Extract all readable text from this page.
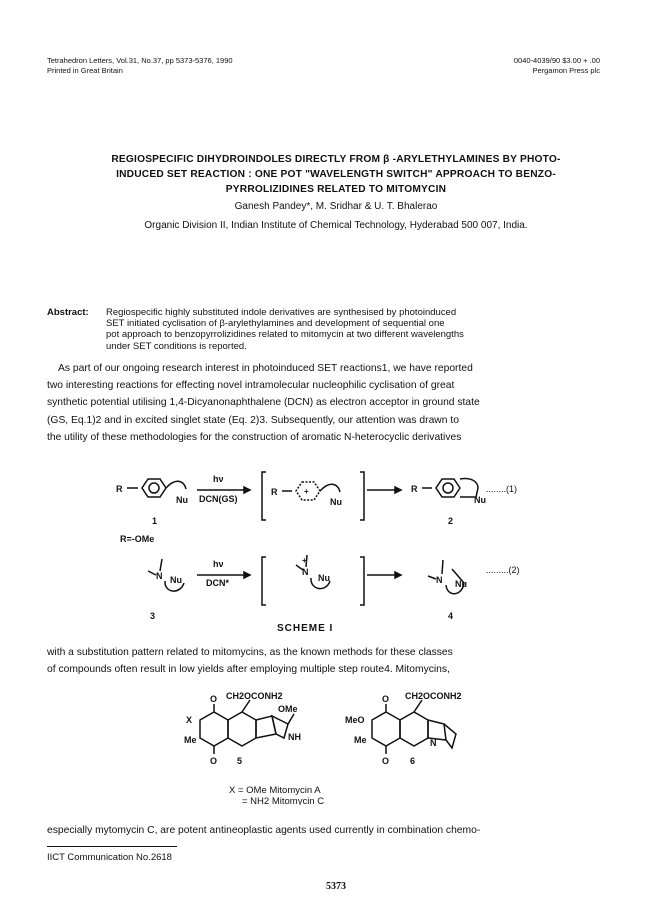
Tetrahedron Letters, Vol.31, No.37, pp 5373-5376, 1990
Printed in Great Britain
0040-4039/90 $3.00 + .00
Pergamon Press plc
REGIOSPECIFIC DIHYDROINDOLES DIRECTLY FROM β -ARYLETHYLAMINES BY PHOTO-
INDUCED SET REACTION : ONE POT "WAVELENGTH SWITCH" APPROACH TO BENZO-
PYRROLIZIDINES RELATED TO MITOMYCIN
Ganesh Pandey*, M. Sridhar & U. T. Bhalerao
Organic Division II, Indian Institute of Chemical Technology, Hyderabad 500 007, India.
Abstract: Regiospecific highly substituted indole derivatives are synthesised by photoinduced
SET initiated cyclisation of β-arylethylamines and development of sequential one
pot approach to benzopyrrolizidines related to mitomycin at two different wavelengths
under SET conditions is reported.
As part of our ongoing research interest in photoinduced SET reactions1, we have reported
two interesting reactions for effecting novel intramolecular nucleophilic cyclisation of great
synthetic potential utilising 1,4-Dicyanonaphthalene (DCN) as electron acceptor in ground state
(GS, Eq.1)2 and in excited singlet state (Eq. 2)3. Subsequently, our attention was drawn to
the utility of these methodologies for the construction of aromatic N-heterocyclic derivatives
R
Nu
hν
DCN(GS)
R	+
Nu
R
Nu
........(1)
1	2
R=-OMe
N Nu
hν
DCN*
N
+
Nu	N Nu
.........(2)
3	4
SCHEME I
with a substitution pattern related to mitomycins, as the known methods for these classes
of compounds often result in low yields after employing multiple step route4. Mitomycins,
CH2OCONH2
O
X
OMe
Me	NH
O 5
CH2OCONH2
O
MeO
Me	N
O 6
X = OMe Mitomycin A
= NH2 Mitomycin C
especially mytomycin C, are potent antineoplastic agents used currently in combination chemo-
IICT Communication No.2618
5373
